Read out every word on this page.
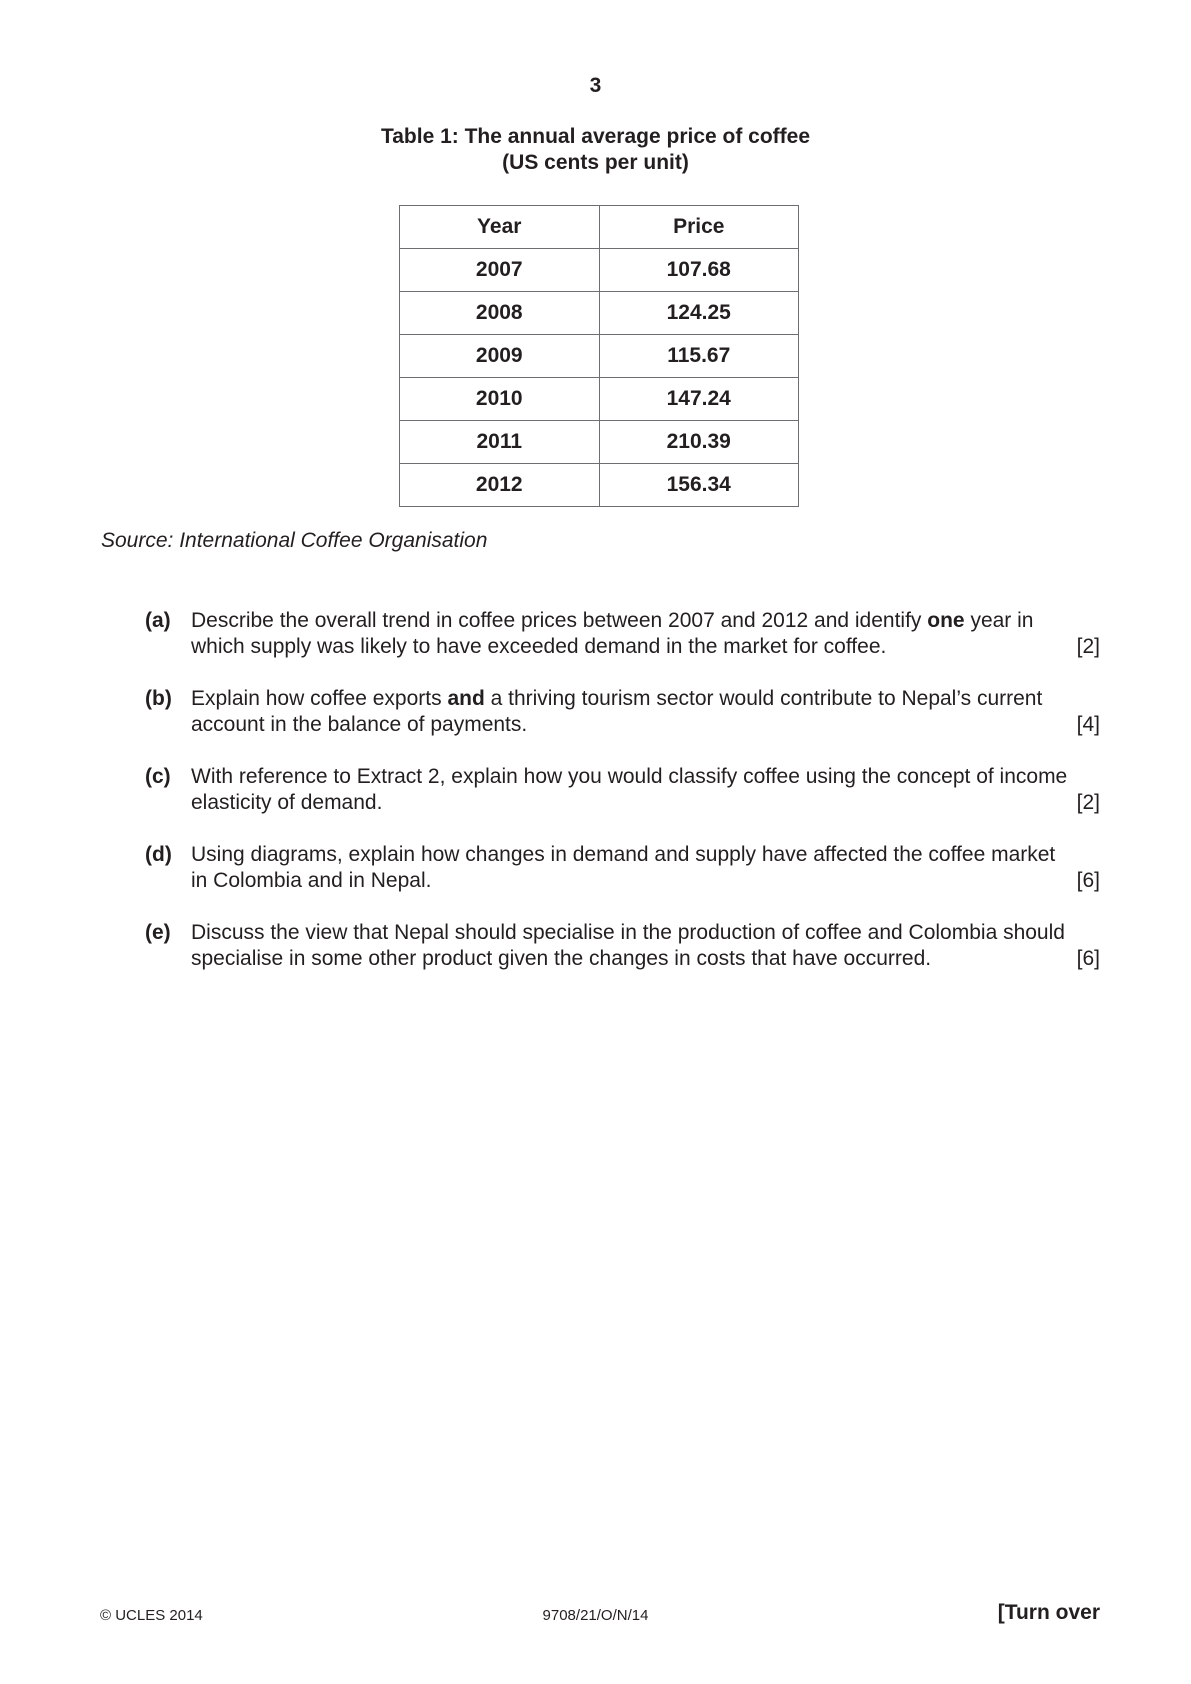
3
Table 1: The annual average price of coffee
(US cents per unit)
Year	Price
2007	107.68
2008	124.25
2009	115.67
2010	147.24
2011	210.39
2012	156.34
Source: International Coffee Organisation
(a) Describe the overall trend in coffee prices between 2007 and 2012 and identify one year in
which supply was likely to have exceeded demand in the market for coffee.	[2]
(b) Explain how coffee exports and a thriving tourism sector would contribute to Nepal’s current
account in the balance of payments.	[4]
(c) With reference to Extract 2, explain how you would classify coffee using the concept of income
elasticity of demand.	[2]
(d) Using diagrams, explain how changes in demand and supply have affected the coffee market
in Colombia and in Nepal.	[6]
(e) Discuss the view that Nepal should specialise in the production of coffee and Colombia should
specialise in some other product given the changes in costs that have occurred.	[6]
© UCLES 2014	9708/21/O/N/14	[Turn over
